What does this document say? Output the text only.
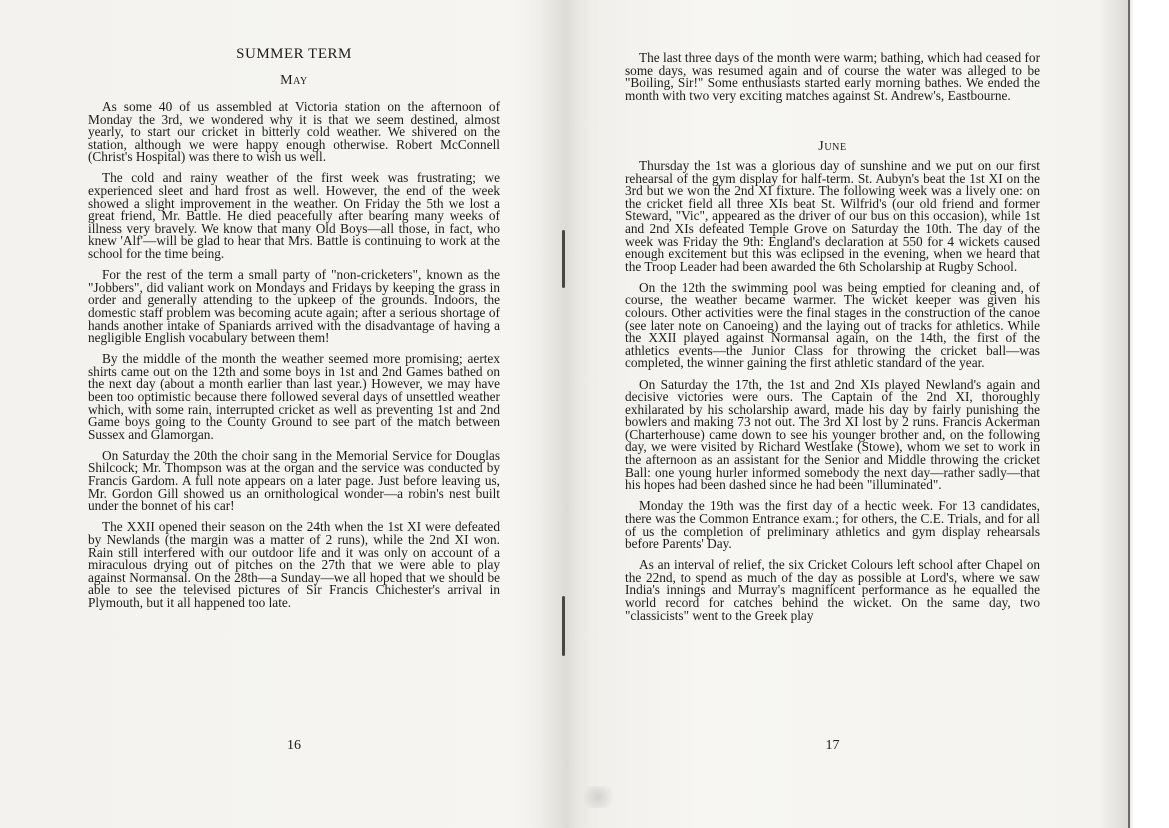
SUMMER TERM
May

As some 40 of us assembled at Victoria station on the afternoon of Monday the 3rd, we wondered why it is that we seem destined, almost yearly, to start our cricket in bitterly cold weather. We shivered on the station, although we were happy enough otherwise. Robert McConnell (Christ's Hospital) was there to wish us well.

The cold and rainy weather of the first week was frustrating; we experienced sleet and hard frost as well. However, the end of the week showed a slight improvement in the weather. On Friday the 5th we lost a great friend, Mr. Battle. He died peacefully after bearing many weeks of illness very bravely. We know that many Old Boys—all those, in fact, who knew 'Alf'—will be glad to hear that Mrs. Battle is continuing to work at the school for the time being.

For the rest of the term a small party of "non-cricketers", known as the "Jobbers", did valiant work on Mondays and Fridays by keeping the grass in order and generally attending to the upkeep of the grounds. Indoors, the domestic staff problem was becoming acute again; after a serious shortage of hands another intake of Spaniards arrived with the disadvantage of having a negligible English vocabulary between them!

By the middle of the month the weather seemed more promising; aertex shirts came out on the 12th and some boys in 1st and 2nd Games bathed on the next day (about a month earlier than last year.) However, we may have been too optimistic because there followed several days of unsettled weather which, with some rain, interrupted cricket as well as preventing 1st and 2nd Game boys going to the County Ground to see part of the match between Sussex and Glamorgan.

On Saturday the 20th the choir sang in the Memorial Service for Douglas Shilcock; Mr. Thompson was at the organ and the service was conducted by Francis Gardom. A full note appears on a later page. Just before leaving us, Mr. Gordon Gill showed us an ornithological wonder—a robin's nest built under the bonnet of his car!

The XXII opened their season on the 24th when the 1st XI were defeated by Newlands (the margin was a matter of 2 runs), while the 2nd XI won. Rain still interfered with our outdoor life and it was only on account of a miraculous drying out of pitches on the 27th that we were able to play against Normansal. On the 28th—a Sunday—we all hoped that we should be able to see the televised pictures of Sir Francis Chichester's arrival in Plymouth, but it all happened too late.

16

The last three days of the month were warm; bathing, which had ceased for some days, was resumed again and of course the water was alleged to be "Boiling, Sir!" Some enthusiasts started early morning bathes. We ended the month with two very exciting matches against St. Andrew's, Eastbourne.

June

Thursday the 1st was a glorious day of sunshine and we put on our first rehearsal of the gym display for half-term. St. Aubyn's beat the 1st XI on the 3rd but we won the 2nd XI fixture. The following week was a lively one: on the cricket field all three XIs beat St. Wilfrid's (our old friend and former Steward, "Vic", appeared as the driver of our bus on this occasion), while 1st and 2nd XIs defeated Temple Grove on Saturday the 10th. The day of the week was Friday the 9th: England's declaration at 550 for 4 wickets caused enough excitement but this was eclipsed in the evening, when we heard that the Troop Leader had been awarded the 6th Scholarship at Rugby School.

On the 12th the swimming pool was being emptied for cleaning and, of course, the weather became warmer. The wicket keeper was given his colours. Other activities were the final stages in the construction of the canoe (see later note on Canoeing) and the laying out of tracks for athletics. While the XXII played against Normansal again, on the 14th, the first of the athletics events—the Junior Class for throwing the cricket ball—was completed, the winner gaining the first athletic standard of the year.

On Saturday the 17th, the 1st and 2nd XIs played Newland's again and decisive victories were ours. The Captain of the 2nd XI, thoroughly exhilarated by his scholarship award, made his day by fairly punishing the bowlers and making 73 not out. The 3rd XI lost by 2 runs. Francis Ackerman (Charterhouse) came down to see his younger brother and, on the following day, we were visited by Richard Westlake (Stowe), whom we set to work in the afternoon as an assistant for the Senior and Middle throwing the cricket Ball: one young hurler informed somebody the next day—rather sadly—that his hopes had been dashed since he had been "illuminated".

Monday the 19th was the first day of a hectic week. For 13 candidates, there was the Common Entrance exam.; for others, the C.E. Trials, and for all of us the completion of preliminary athletics and gym display rehearsals before Parents' Day.

As an interval of relief, the six Cricket Colours left school after Chapel on the 22nd, to spend as much of the day as possible at Lord's, where we saw India's innings and Murray's magnificent performance as he equalled the world record for catches behind the wicket. On the same day, two "classicists" went to the Greek play

17
